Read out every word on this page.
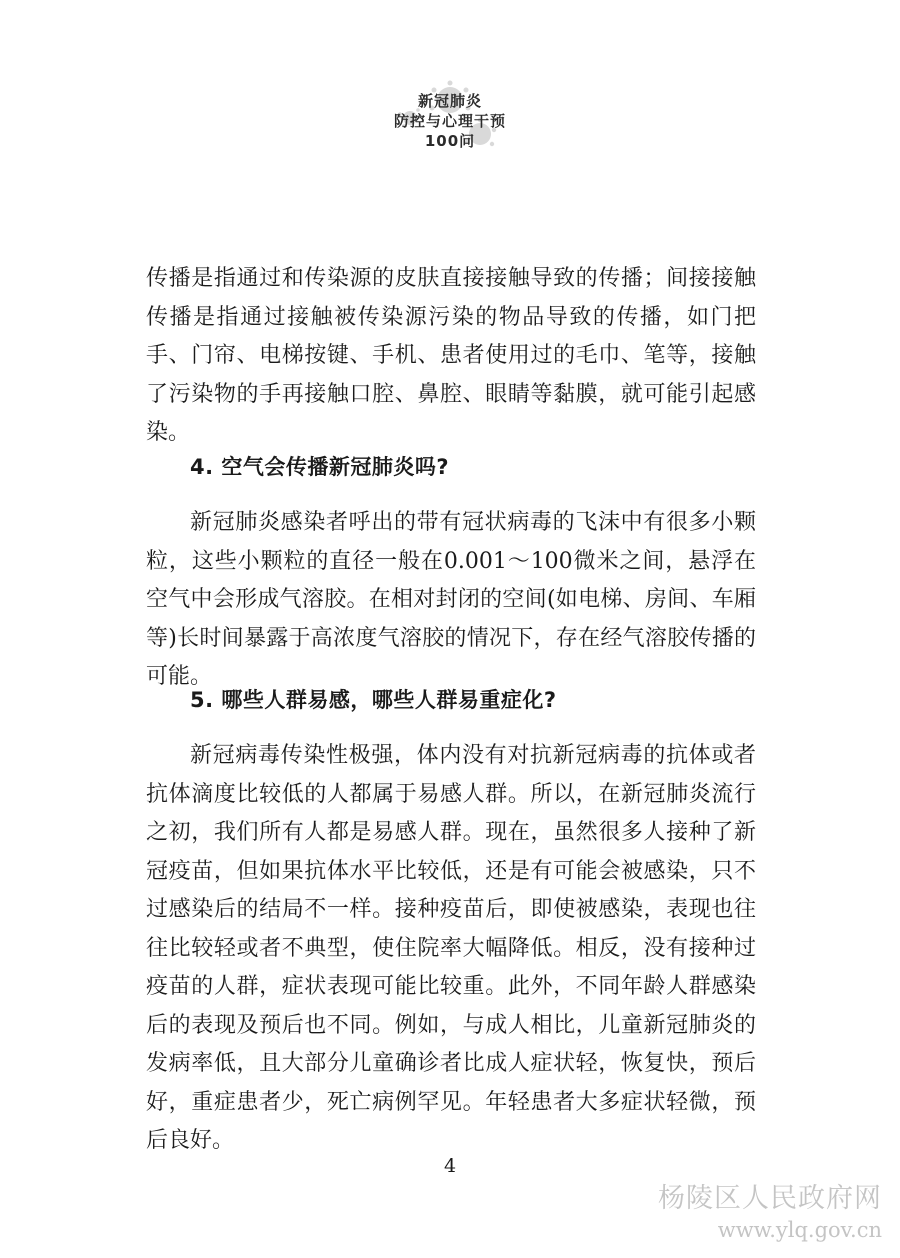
新冠肺炎
防控与心理干预
100问

传播是指通过和传染源的皮肤直接接触导致的传播；间接接触传播是指通过接触被传染源污染的物品导致的传播，如门把手、门帘、电梯按键、手机、患者使用过的毛巾、笔等，接触了污染物的手再接触口腔、鼻腔、眼睛等黏膜，就可能引起感染。

4. 空气会传播新冠肺炎吗?

新冠肺炎感染者呼出的带有冠状病毒的飞沫中有很多小颗粒，这些小颗粒的直径一般在0.001～100微米之间，悬浮在空气中会形成气溶胶。在相对封闭的空间(如电梯、房间、车厢等)长时间暴露于高浓度气溶胶的情况下，存在经气溶胶传播的可能。

5. 哪些人群易感，哪些人群易重症化?

新冠病毒传染性极强，体内没有对抗新冠病毒的抗体或者抗体滴度比较低的人都属于易感人群。所以，在新冠肺炎流行之初，我们所有人都是易感人群。现在，虽然很多人接种了新冠疫苗，但如果抗体水平比较低，还是有可能会被感染，只不过感染后的结局不一样。接种疫苗后，即使被感染，表现也往往比较轻或者不典型，使住院率大幅降低。相反，没有接种过疫苗的人群，症状表现可能比较重。此外，不同年龄人群感染后的表现及预后也不同。例如，与成人相比，儿童新冠肺炎的发病率低，且大部分儿童确诊者比成人症状轻，恢复快，预后好，重症患者少，死亡病例罕见。年轻患者大多症状轻微，预后良好。

4
杨陵区人民政府网
www.ylq.gov.cn
